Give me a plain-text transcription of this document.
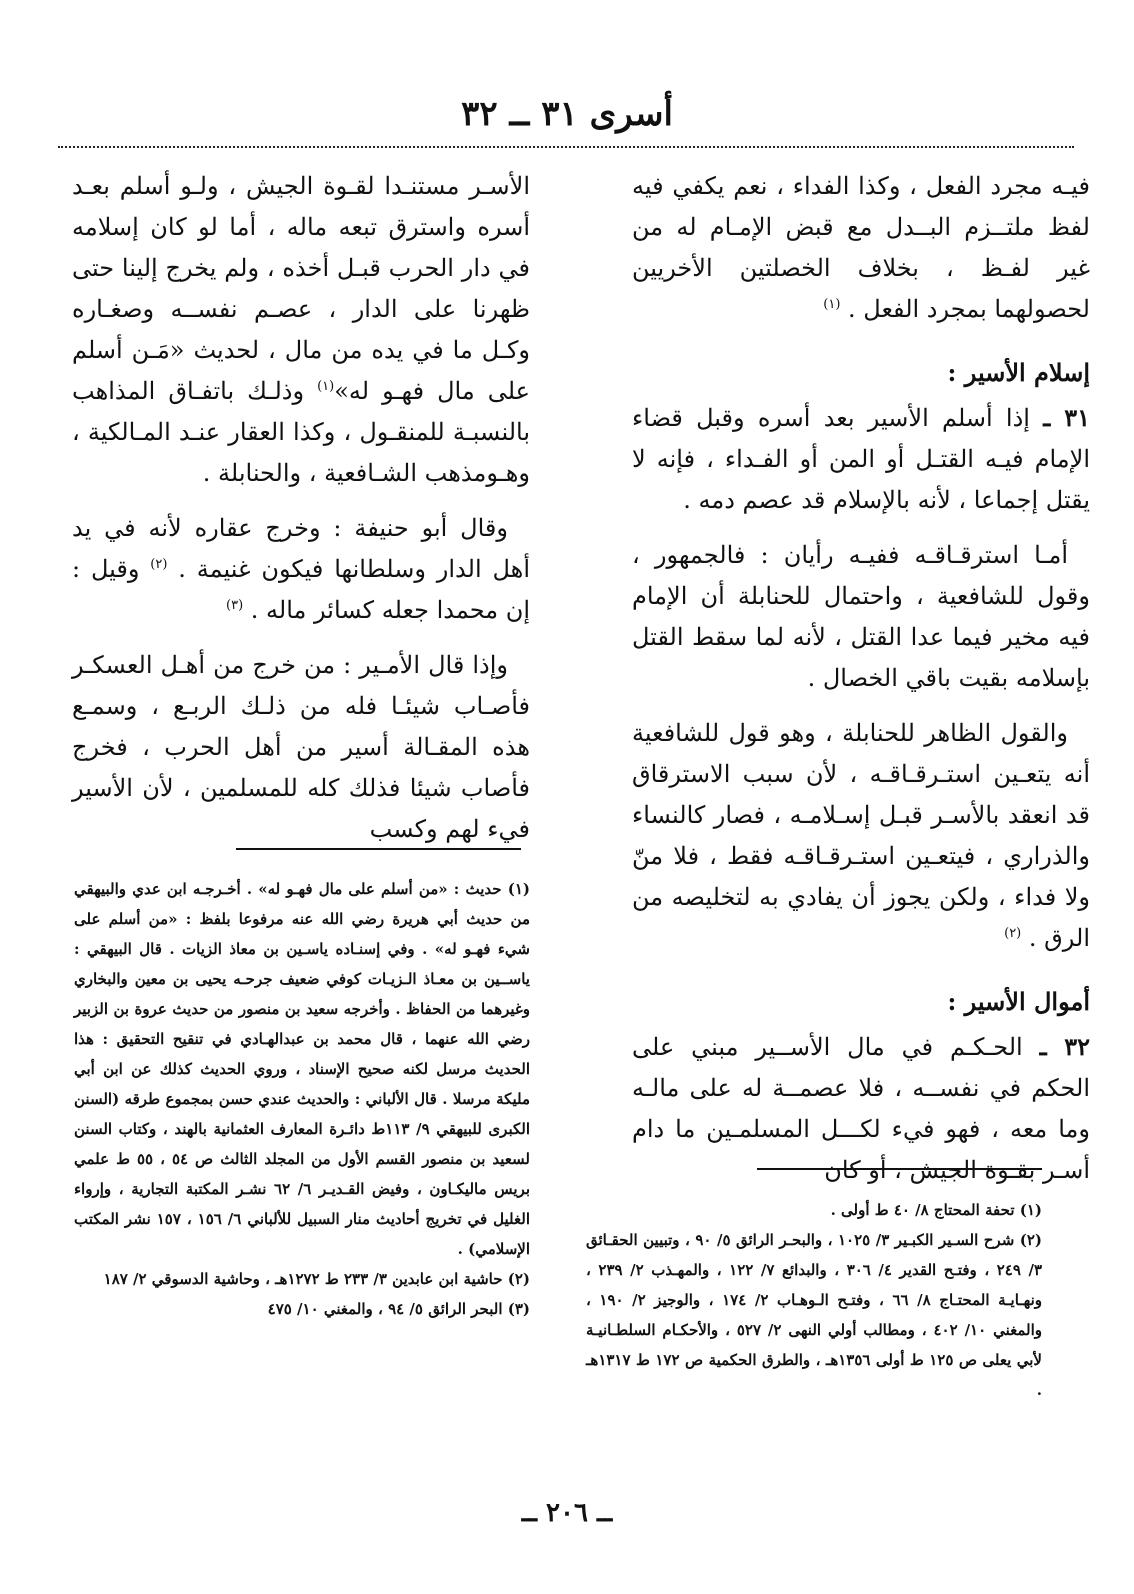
أسرى ٣١ ــ ٣٢

فيـه مجرد الفعل ، وكذا الفداء ، نعم يكفي فيه لفظ ملتــزم البــدل مع قبض الإمـام له من غير لفـظ ، بخلاف الخصلتين الأخريين لحصولهما بمجرد الفعل . $^{(١)}$

إسلام الأسير :

٣١ ـ إذا أسلم الأسير بعد أسره وقبل قضاء الإمام فيـه القتـل أو المن أو الفـداء ، فإنه لا يقتل إجماعا ، لأنه بالإسلام قد عصم دمه .

أمـا استرقـاقـه ففيـه رأيان : فالجمهور ، وقول للشافعية ، واحتمال للحنابلة أن الإمام فيه مخير فيما عدا القتل ، لأنه لما سقط القتل بإسلامه بقيت باقي الخصال .

والقول الظاهر للحنابلة ، وهو قول للشافعية أنه يتعـين استـرقـاقـه ، لأن سبب الاسترقاق قد انعقد بالأسـر قبـل إسـلامـه ، فصار كالنساء والذراري ، فيتعـين استـرقـاقـه فقط ، فلا منّ ولا فداء ، ولكن يجوز أن يفادي به لتخليصه من الرق . $^{(٢)}$

أموال الأسير :

٣٢ ـ الحـكـم في مال الأســير مبني على الحكم في نفســه ، فلا عصمــة له على مالـه وما معه ، فهو فيء لكـــل المسلمـين ما دام أسـر بقـوة الجيش ، أو كان

الأسـر مستنـدا لقـوة الجيش ، ولـو أسلم بعـد أسره واسترق تبعه ماله ، أما لو كان إسلامه في دار الحرب قبـل أخذه ، ولم يخرج إلينا حتى ظهرنا على الدار ، عصـم نفســه وصغـاره وكـل ما في يده من مال ، لحديث «مَـن أسلم على مال فهـو له»$^{(١)}$ وذلـك باتفـاق المذاهب بالنسبـة للمنقـول ، وكذا العقار عنـد المـالكية ، وهـومذهب الشـافعية ، والحنابلة .

وقال أبو حنيفة : وخرج عقاره لأنه في يد أهل الدار وسلطانها فيكون غنيمة . $^{(٢)}$ وقيل : إن محمدا جعله كسائر ماله . $^{(٣)}$

وإذا قال الأمـير : من خرج من أهـل العسكـر فأصـاب شيئـا فله من ذلـك الربـع ، وسمـع هذه المقـالة أسير من أهل الحرب ، فخرج فأصاب شيئا فذلك كله للمسلمين ، لأن الأسير فيء لهم وكسب

(١) حديث : «من أسلم على مال فهـو له» . أخـرجـه ابن عدي والبيهقي من حديث أبي هريرة رضي الله عنه مرفوعا بلفظ : «من أسلم على شيء فهـو له» . وفي إسنـاده ياسـين بن معاذ الزيات . قال البيهقي : ياســين بن معـاذ الـزيـات كوفي ضعيف جرحـه يحيى بن معين والبخاري وغيرهما من الحفاظ . وأخرجه سعيد بن منصور من حديث عروة بن الزبير رضي الله عنهما ، قال محمد بن عبدالهـادي في تنقيح التحقيق : هذا الحديث مرسل لكنه صحيح الإسناد ، وروي الحديث كذلك عن ابن أبي مليكة مرسلا . قال الألباني : والحديث عندي حسن بمجموع طرقه (السنن الكبرى للبيهقي ٩/ ١١٣ط دائـرة المعارف العثمانية بالهند ، وكتاب السنن لسعيد بن منصور القسم الأول من المجلد الثالث ص ٥٤ ، ٥٥ ط علمي بريس ماليكـاون ، وفيض القـديـر ٦/ ٦٢ نشـر المكتبة التجارية ، وإرواء الغليل في تخريج أحاديث منار السبيل للألباني ٦/ ١٥٦ ، ١٥٧ نشر المكتب الإسلامي) .

(٢) حاشية ابن عابدين ٣/ ٢٣٣ ط ١٢٧٢هـ ، وحاشية الدسوقي ٢/ ١٨٧

(٣) البحر الرائق ٥/ ٩٤ ، والمغني ١٠/ ٤٧٥

(١) تحفة المحتاج ٨/ ٤٠ ط أولى .

(٢) شرح السـير الكبـير ٣/ ١٠٢٥ ، والبحـر الرائق ٥/ ٩٠ ، وتبيين الحقـائق ٣/ ٢٤٩ ، وفتـح القدير ٤/ ٣٠٦ ، والبدائع ٧/ ١٢٢ ، والمهـذب ٢/ ٢٣٩ ، ونهـايـة المحتـاج ٨/ ٦٦ ، وفتـح الـوهـاب ٢/ ١٧٤ ، والوجيز ٢/ ١٩٠ ، والمغني ١٠/ ٤٠٢ ، ومطالب أولي النهى ٢/ ٥٢٧ ، والأحكـام السلطـانيـة لأبي يعلى ص ١٢٥ ط أولى ١٣٥٦هـ ، والطرق الحكمية ص ١٧٢ ط ١٣١٧هـ .

ــ ٢٠٦ ــ
